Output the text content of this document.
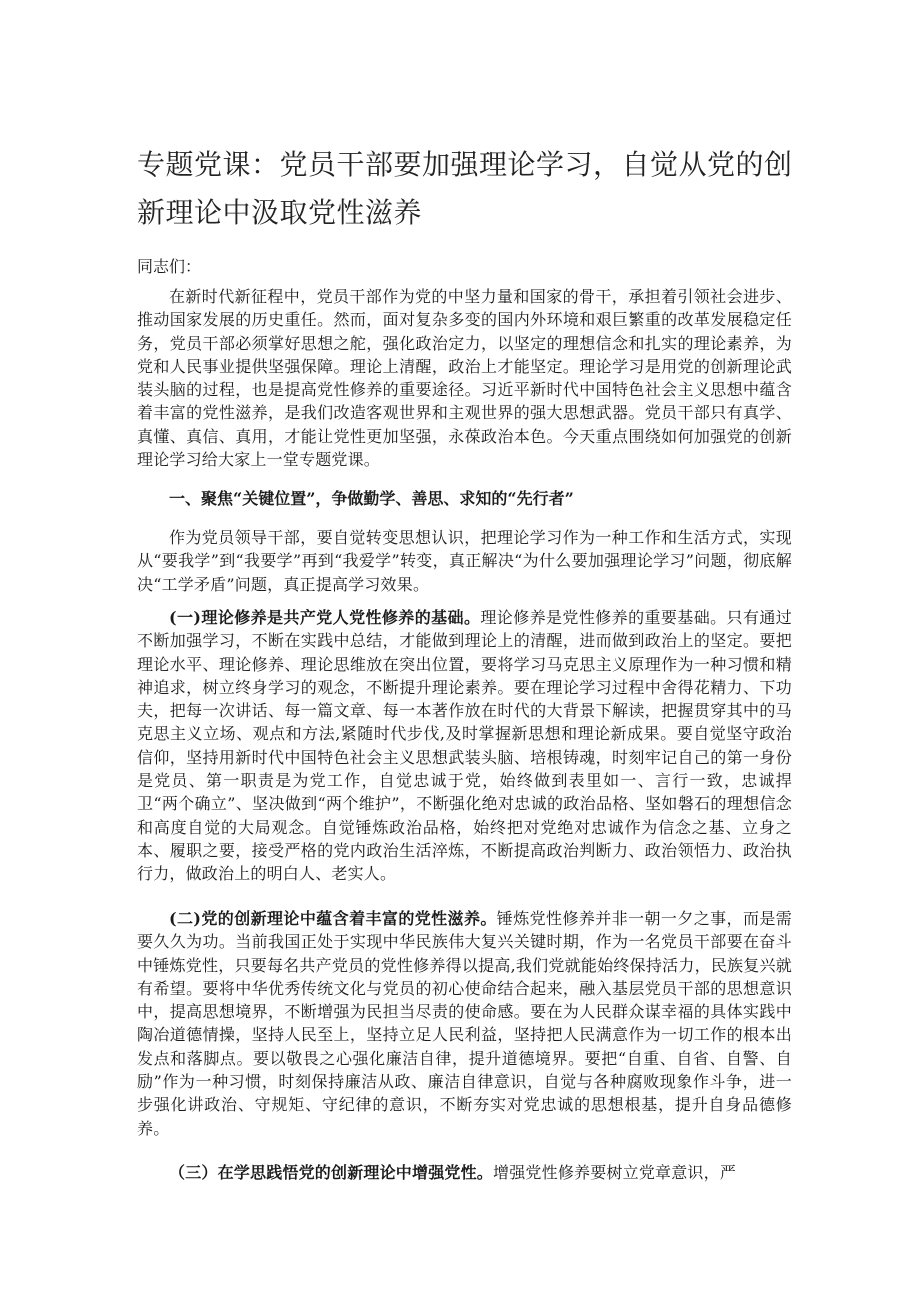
专题党课：党员干部要加强理论学习，自觉从党的创新理论中汲取党性滋养

同志们：

在新时代新征程中，党员干部作为党的中坚力量和国家的骨干，承担着引领社会进步、推动国家发展的历史重任。然而，面对复杂多变的国内外环境和艰巨繁重的改革发展稳定任务，党员干部必须掌好思想之舵，强化政治定力，以坚定的理想信念和扎实的理论素养，为党和人民事业提供坚强保障。理论上清醒，政治上才能坚定。理论学习是用党的创新理论武装头脑的过程，也是提高党性修养的重要途径。习近平新时代中国特色社会主义思想中蕴含着丰富的党性滋养，是我们改造客观世界和主观世界的强大思想武器。党员干部只有真学、真懂、真信、真用，才能让党性更加坚强，永葆政治本色。今天重点围绕如何加强党的创新理论学习给大家上一堂专题党课。

一、聚焦“关键位置”，争做勤学、善思、求知的“先行者”

作为党员领导干部，要自觉转变思想认识，把理论学习作为一种工作和生活方式，实现从“要我学”到“我要学”再到“我爱学”转变，真正解决“为什么要加强理论学习”问题，彻底解决“工学矛盾”问题，真正提高学习效果。

(一)理论修养是共产党人党性修养的基础。理论修养是党性修养的重要基础。只有通过不断加强学习，不断在实践中总结，才能做到理论上的清醒，进而做到政治上的坚定。要把理论水平、理论修养、理论思维放在突出位置，要将学习马克思主义原理作为一种习惯和精神追求，树立终身学习的观念，不断提升理论素养。要在理论学习过程中舍得花精力、下功夫，把每一次讲话、每一篇文章、每一本著作放在时代的大背景下解读，把握贯穿其中的马克思主义立场、观点和方法,紧随时代步伐,及时掌握新思想和理论新成果。要自觉坚守政治信仰，坚持用新时代中国特色社会主义思想武装头脑、培根铸魂，时刻牢记自己的第一身份是党员、第一职责是为党工作，自觉忠诚于党，始终做到表里如一、言行一致，忠诚捍卫“两个确立”、坚决做到“两个维护”，不断强化绝对忠诚的政治品格、坚如磐石的理想信念和高度自觉的大局观念。自觉锤炼政治品格，始终把对党绝对忠诚作为信念之基、立身之本、履职之要，接受严格的党内政治生活淬炼，不断提高政治判断力、政治领悟力、政治执行力，做政治上的明白人、老实人。

(二)党的创新理论中蕴含着丰富的党性滋养。锤炼党性修养并非一朝一夕之事，而是需要久久为功。当前我国正处于实现中华民族伟大复兴关键时期，作为一名党员干部要在奋斗中锤炼党性，只要每名共产党员的党性修养得以提高,我们党就能始终保持活力，民族复兴就有希望。要将中华优秀传统文化与党员的初心使命结合起来，融入基层党员干部的思想意识中，提高思想境界，不断增强为民担当尽责的使命感。要在为人民群众谋幸福的具体实践中陶冶道德情操，坚持人民至上，坚持立足人民利益，坚持把人民满意作为一切工作的根本出发点和落脚点。要以敬畏之心强化廉洁自律，提升道德境界。要把“自重、自省、自警、自励”作为一种习惯，时刻保持廉洁从政、廉洁自律意识，自觉与各种腐败现象作斗争，进一步强化讲政治、守规矩、守纪律的意识，不断夯实对党忠诚的思想根基，提升自身品德修养。

（三）在学思践悟党的创新理论中增强党性。增强党性修养要树立党章意识，严
